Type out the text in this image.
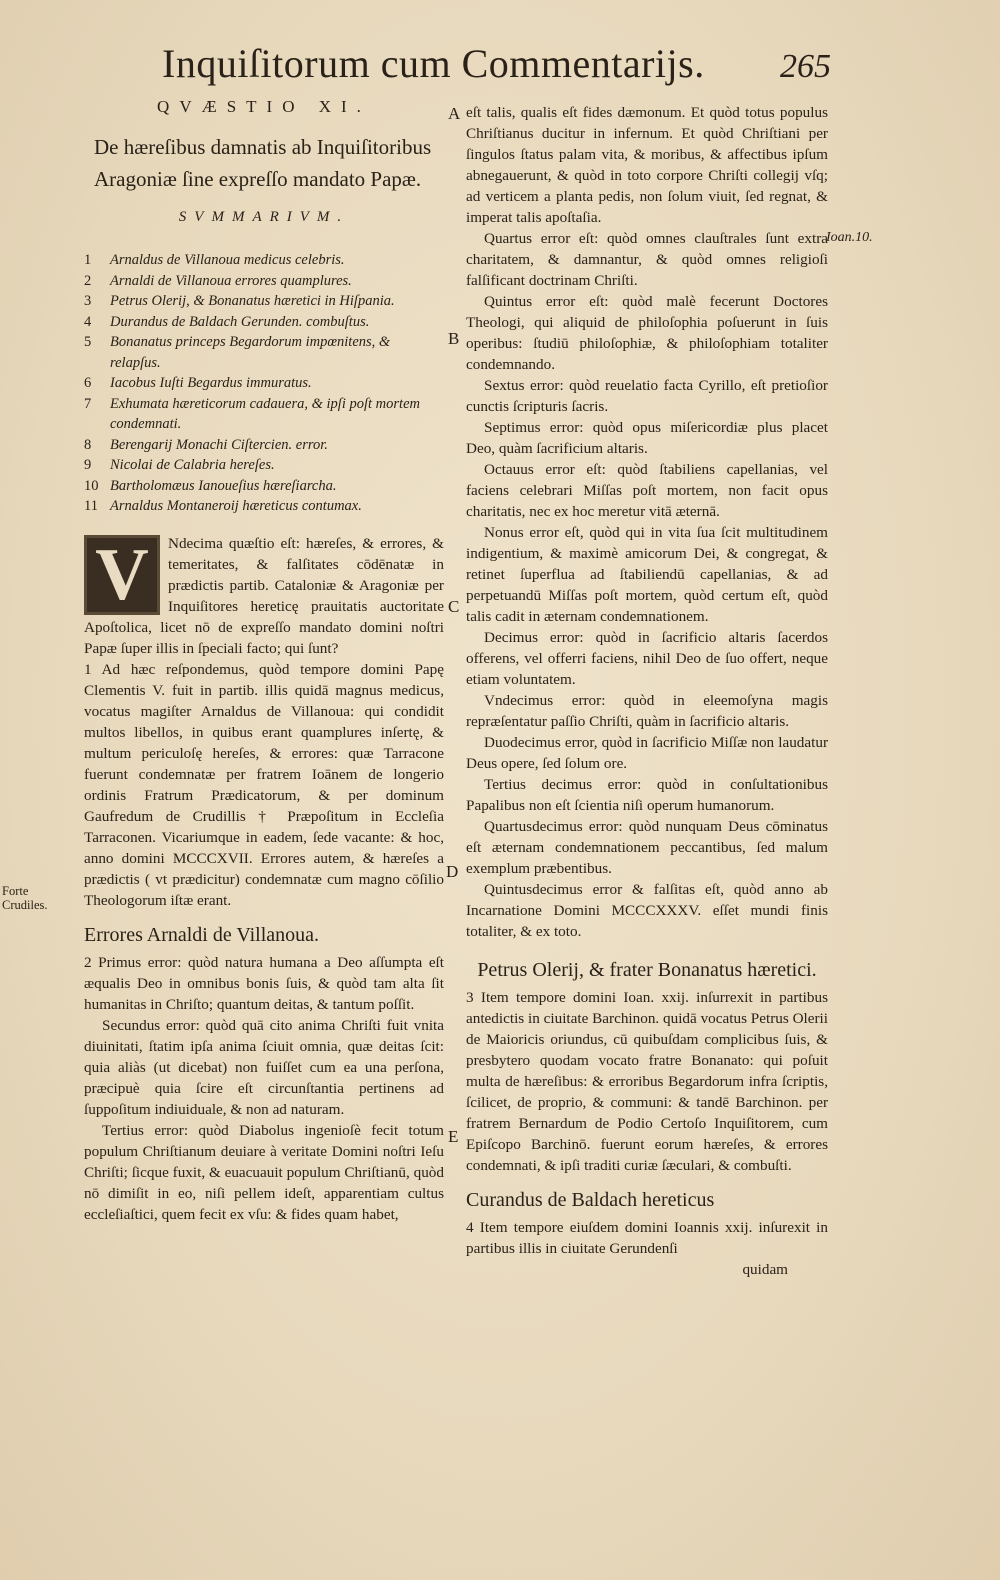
Inquiſitorum cum Commentarijs. 265
Forte Crudiles.
Ioan.10.
A
B
C
D
E
QVÆSTIO XI.
De hæreſibus damnatis ab Inquiſitoribus Aragoniæ ſine expreſſo mandato Papæ.
SVMMARIVM.
1	Arnaldus de Villanoua medicus celebris.
2	Arnaldi de Villanoua errores quamplures.
3	Petrus Olerij, & Bonanatus hæretici in Hiſpania.
4	Durandus de Baldach Gerunden. combuſtus.
5	Bonanatus princeps Begardorum impœnitens, & relapſus.
6	Iacobus Iuſti Begardus immuratus.
7	Exhumata hæreticorum cadauera, & ipſi poſt mortem condemnati.
8	Berengarij Monachi Ciſtercien. error.
9	Nicolai de Calabria hereſes.
10 Bartholomæus Ianoueſius hæreſiarcha.
11 Arnaldus Montaneroij hæreticus contumax.
V	Ndecima quæſtio eſt: hæreſes, & errores, & temeritates, & falſitates cōdēnatæ in prædictis partib. Cataloniæ & Aragoniæ per Inquiſitores hereticę prauitatis auctoritate Apoſtolica, licet nō de expreſſo mandato domini noſtri Papæ ſuper illis in ſpeciali facto; qui ſunt?

1 Ad hæc reſpondemus, quòd tempore domini Papę Clementis V. fuit in partib. illis quidā magnus medicus, vocatus magiſter Arnaldus de Villanoua: qui condidit multos libellos, in quibus erant quamplures inſertę, & multum periculoſę hereſes, & errores: quæ Tarracone fuerunt condemnatæ per fratrem Ioānem de longerio ordinis Fratrum Prædicatorum, & per dominum Gaufredum de Crudillis † Præpoſitum in Eccleſia Tarraconen. Vicariumque in eadem, ſede vacante: & hoc, anno domini MCCCXVII. Errores autem, & hæreſes a prædictis ( vt prædicitur) condemnatæ cum magno cōſilio Theologorum iſtæ erant.

Errores Arnaldi de Villanoua.

2 Primus error: quòd natura humana a Deo aſſumpta eſt æqualis Deo in omnibus bonis ſuis, & quòd tam alta ſit humanitas in Chriſto; quantum deitas, & tantum poſſit.

Secundus error: quòd quā cito anima Chriſti fuit vnita diuinitati, ſtatim ipſa anima ſciuit omnia, quæ deitas ſcit: quia aliàs (ut dicebat) non fuiſſet cum ea una perſona, præcipuè quia ſcire eſt circunſtantia pertinens ad ſuppoſitum indiuiduale, & non ad naturam.

Tertius error: quòd Diabolus ingenioſè fecit totum populum Chriſtianum deuiare à veritate Domini noſtri Ieſu Chriſti; ſicque fuxit, & euacuauit populum Chriſtianū, quòd nō dimiſit in eo, niſi pellem ideſt, apparentiam cultus eccleſiaſtici, quem fecit ex vſu: & fides quam habet,

eſt talis, qualis eſt fides dæmonum. Et quòd totus populus Chriſtianus ducitur in infernum. Et quòd Chriſtiani per ſingulos ſtatus palam vita, & moribus, & affectibus ipſum abnegauerunt, & quòd in toto corpore Chriſti collegij vſq; ad verticem a planta pedis, non ſolum viuit, ſed regnat, & imperat talis apoſtaſia.

Quartus error eſt: quòd omnes clauſtrales ſunt extra charitatem, & damnantur, & quòd omnes religioſi falſificant doctrinam Chriſti.

Quintus error eſt: quòd malè fecerunt Doctores Theologi, qui aliquid de philoſophia poſuerunt in ſuis operibus: ſtudiū philoſophiæ, & philoſophiam totaliter condemnando.

Sextus error: quòd reuelatio facta Cyrillo, eſt pretioſior cunctis ſcripturis ſacris.

Septimus error: quòd opus miſericordiæ plus placet Deo, quàm ſacrificium altaris.

Octauus error eſt: quòd ſtabiliens capellanias, vel faciens celebrari Miſſas poſt mortem, non facit opus charitatis, nec ex hoc meretur vitā æternā.

Nonus error eſt, quòd qui in vita ſua ſcit multitudinem indigentium, & maximè amicorum Dei, & congregat, & retinet ſuperflua ad ſtabiliendū capellanias, & ad perpetuandū Miſſas poſt mortem, quòd certum eſt, quòd talis cadit in æternam condemnationem.

Decimus error: quòd in ſacrificio altaris ſacerdos offerens, vel offerri faciens, nihil Deo de ſuo offert, neque etiam voluntatem.

Vndecimus error: quòd in eleemoſyna magis repræſentatur paſſio Chriſti, quàm in ſacrificio altaris.

Duodecimus error, quòd in ſacrificio Miſſæ non laudatur Deus opere, ſed ſolum ore.

Tertius decimus error: quòd in conſultationibus Papalibus non eſt ſcientia niſi operum humanorum.

Quartusdecimus error: quòd nunquam Deus cōminatus eſt æternam condemnationem peccantibus, ſed malum exemplum præbentibus.

Quintusdecimus error & falſitas eſt, quòd anno ab Incarnatione Domini MCCCXXXV. eſſet mundi finis totaliter, & ex toto.

Petrus Olerij, & frater Bonanatus hæretici.

3 Item tempore domini Ioan. xxij. inſurrexit in partibus antedictis in ciuitate Barchinon. quidā vocatus Petrus Olerii de Maioricis oriundus, cū quibuſdam complicibus ſuis, & presbytero quodam vocato fratre Bonanato: qui poſuit multa de hæreſibus: & erroribus Begardorum infra ſcriptis, ſcilicet, de proprio, & communi: & tandē Barchinon. per fratrem Bernardum de Podio Certoſo Inquiſitorem, cum Epiſcopo Barchinō. fuerunt eorum hæreſes, & errores condemnati, & ipſi traditi curiæ ſæculari, & combuſti.

Curandus de Baldach hereticus

4 Item tempore eiuſdem domini Ioannis xxij. inſurexit in partibus illis in ciuitate Gerundenſi

quidam
